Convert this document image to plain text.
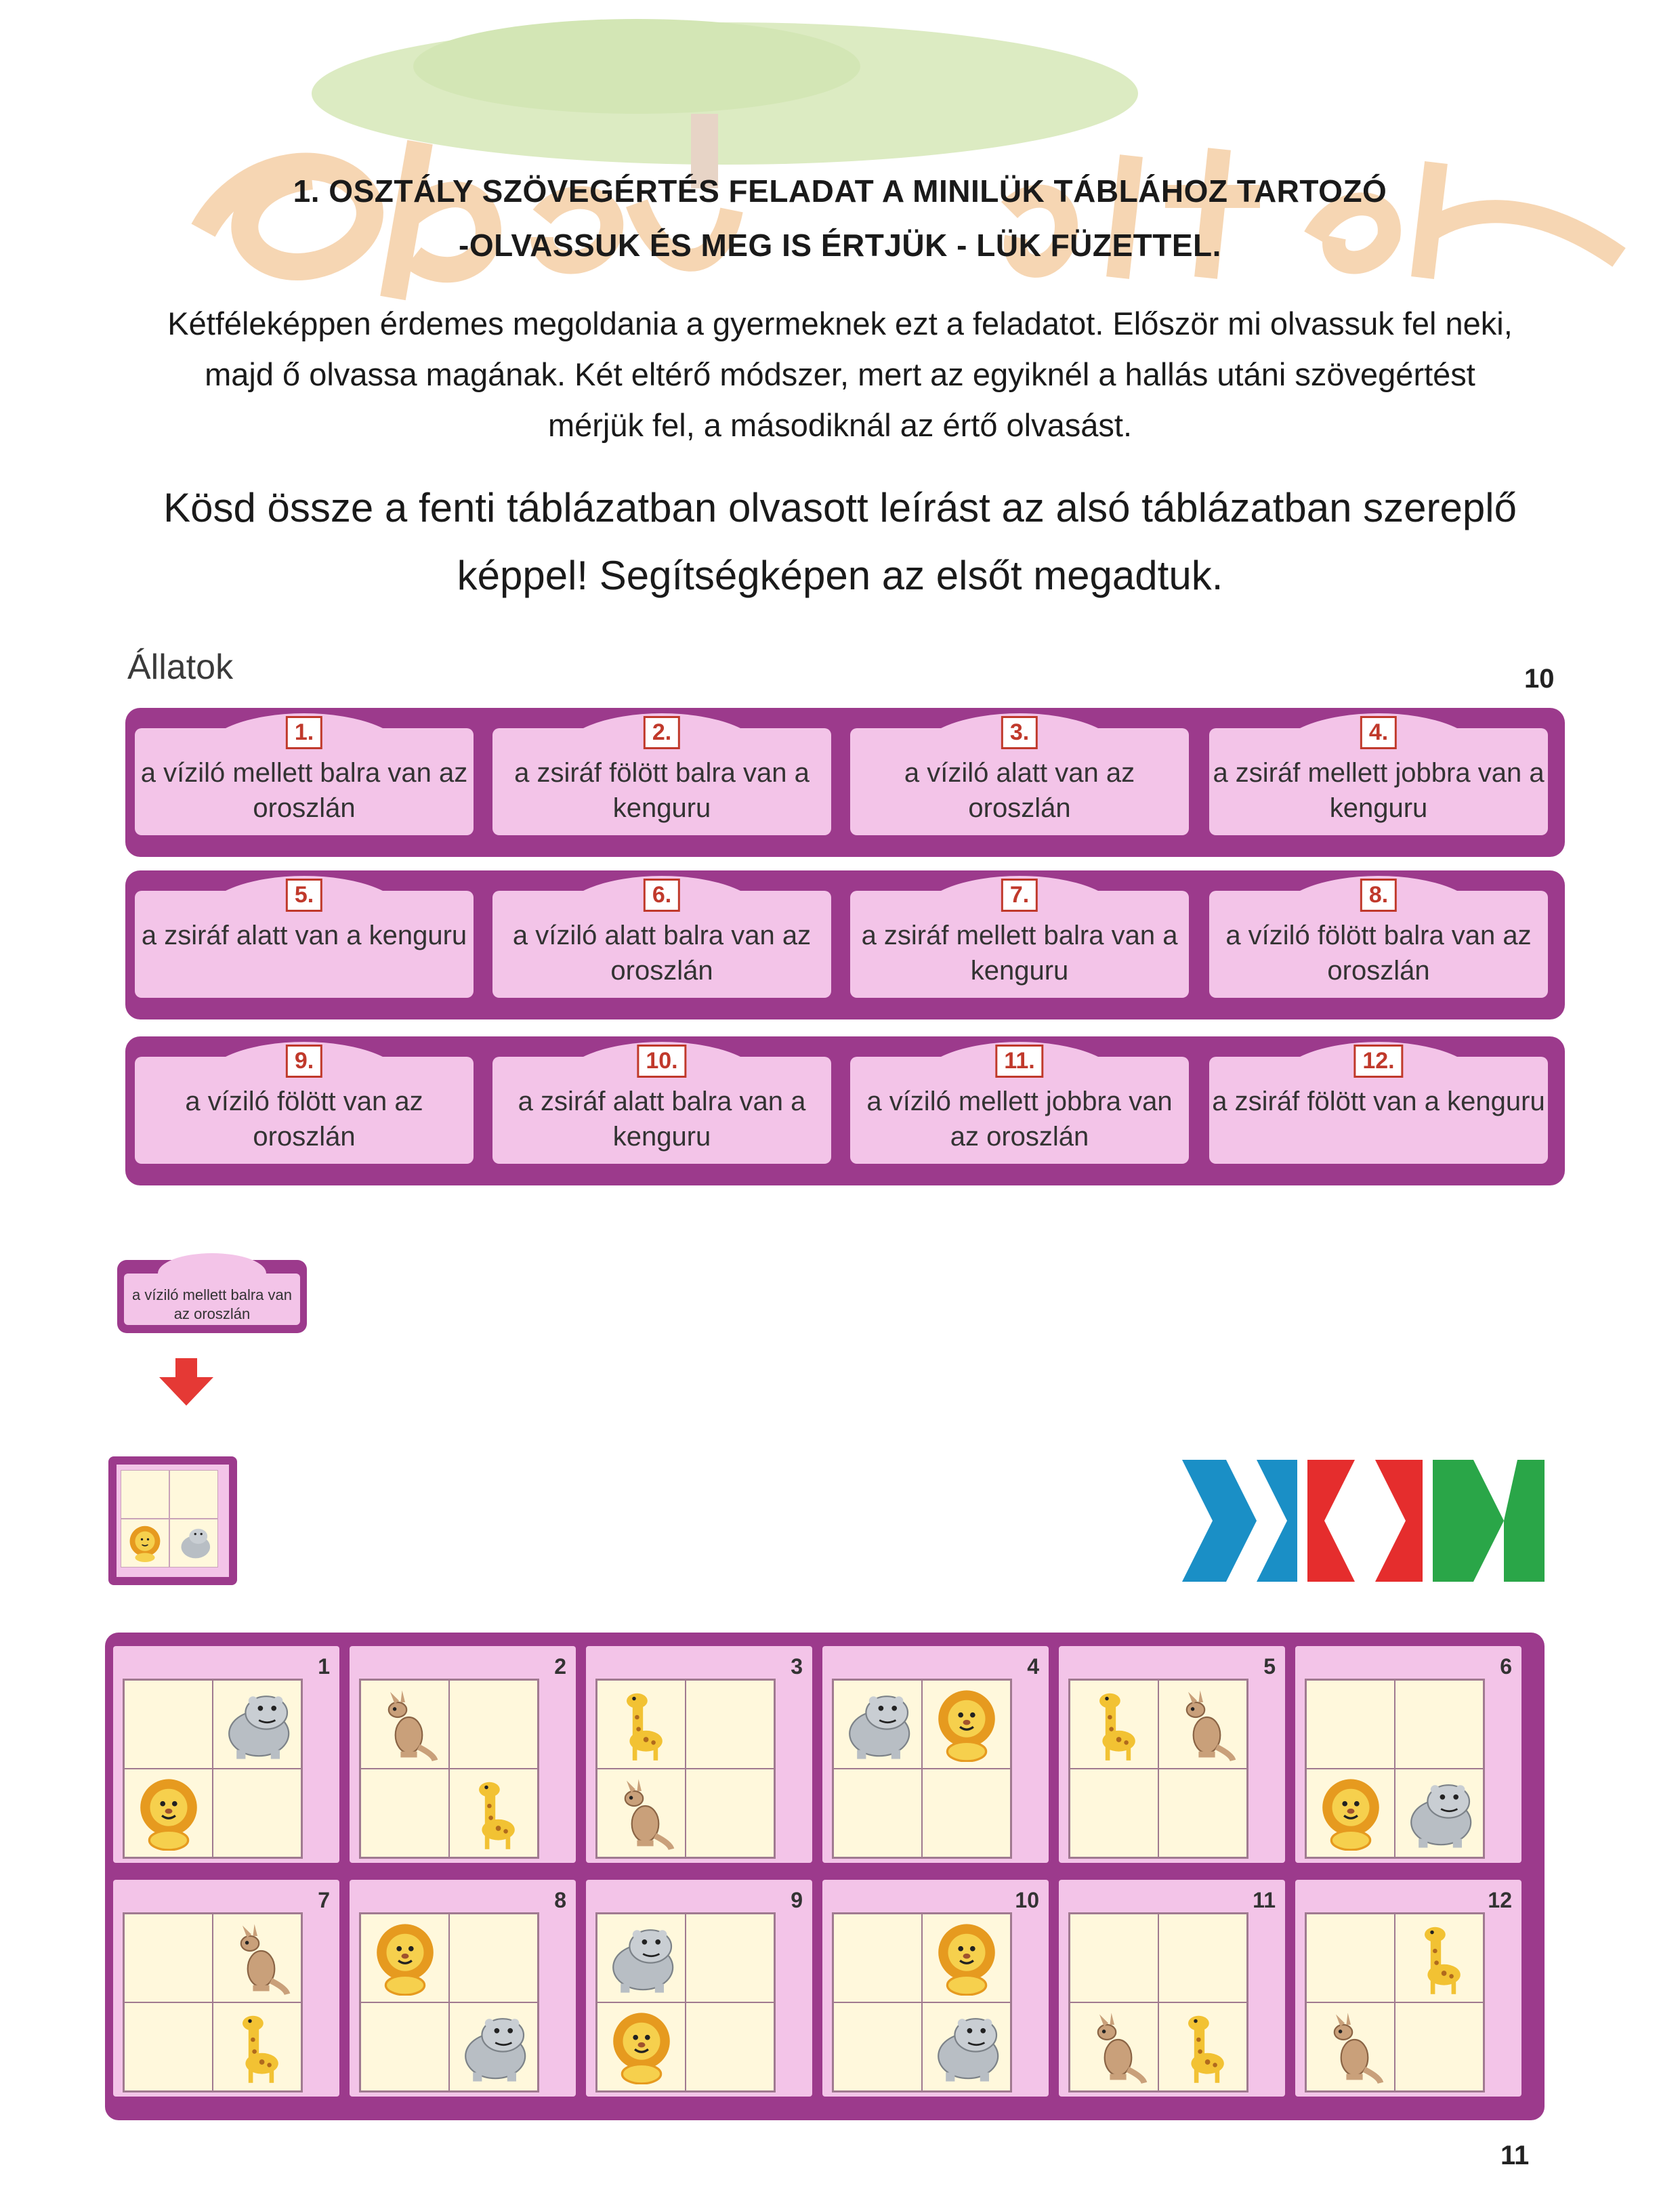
1. OSZTÁLY SZÖVEGÉRTÉS FELADAT A MINILÜK TÁBLÁHOZ TARTOZÓ
-OLVASSUK ÉS MEG IS ÉRTJÜK - LÜK FÜZETTEL.
Kétféleképpen érdemes megoldania a gyermeknek ezt a feladatot. Először mi olvassuk fel neki, majd ő olvassa magának. Két eltérő módszer, mert az egyiknél a hallás utáni szövegértést mérjük fel, a másodiknál az értő olvasást.
Kösd össze a fenti táblázatban olvasott leírást az alsó táblázatban szereplő képpel! Segítségképen az elsőt megadtuk.
Állatok	10
1.
a víziló mellett balra van az oroszlán
2.
a zsiráf fölött balra van a kenguru
3.
a víziló alatt van az oroszlán
4.
a zsiráf mellett jobbra van a kenguru
5.
a zsiráf alatt van a kenguru
6.
a víziló alatt balra van az oroszlán
7.
a zsiráf mellett balra van a kenguru
8.
a víziló fölött balra van az oroszlán
9.
a víziló fölött van az oroszlán
10.
a zsiráf alatt balra van a kenguru
11.
a víziló mellett jobbra van az oroszlán
12.
a zsiráf fölött van a kenguru
a víziló mellett balra van az oroszlán
1	2	3	4	5	6
7	8	9	10	11	12
11
